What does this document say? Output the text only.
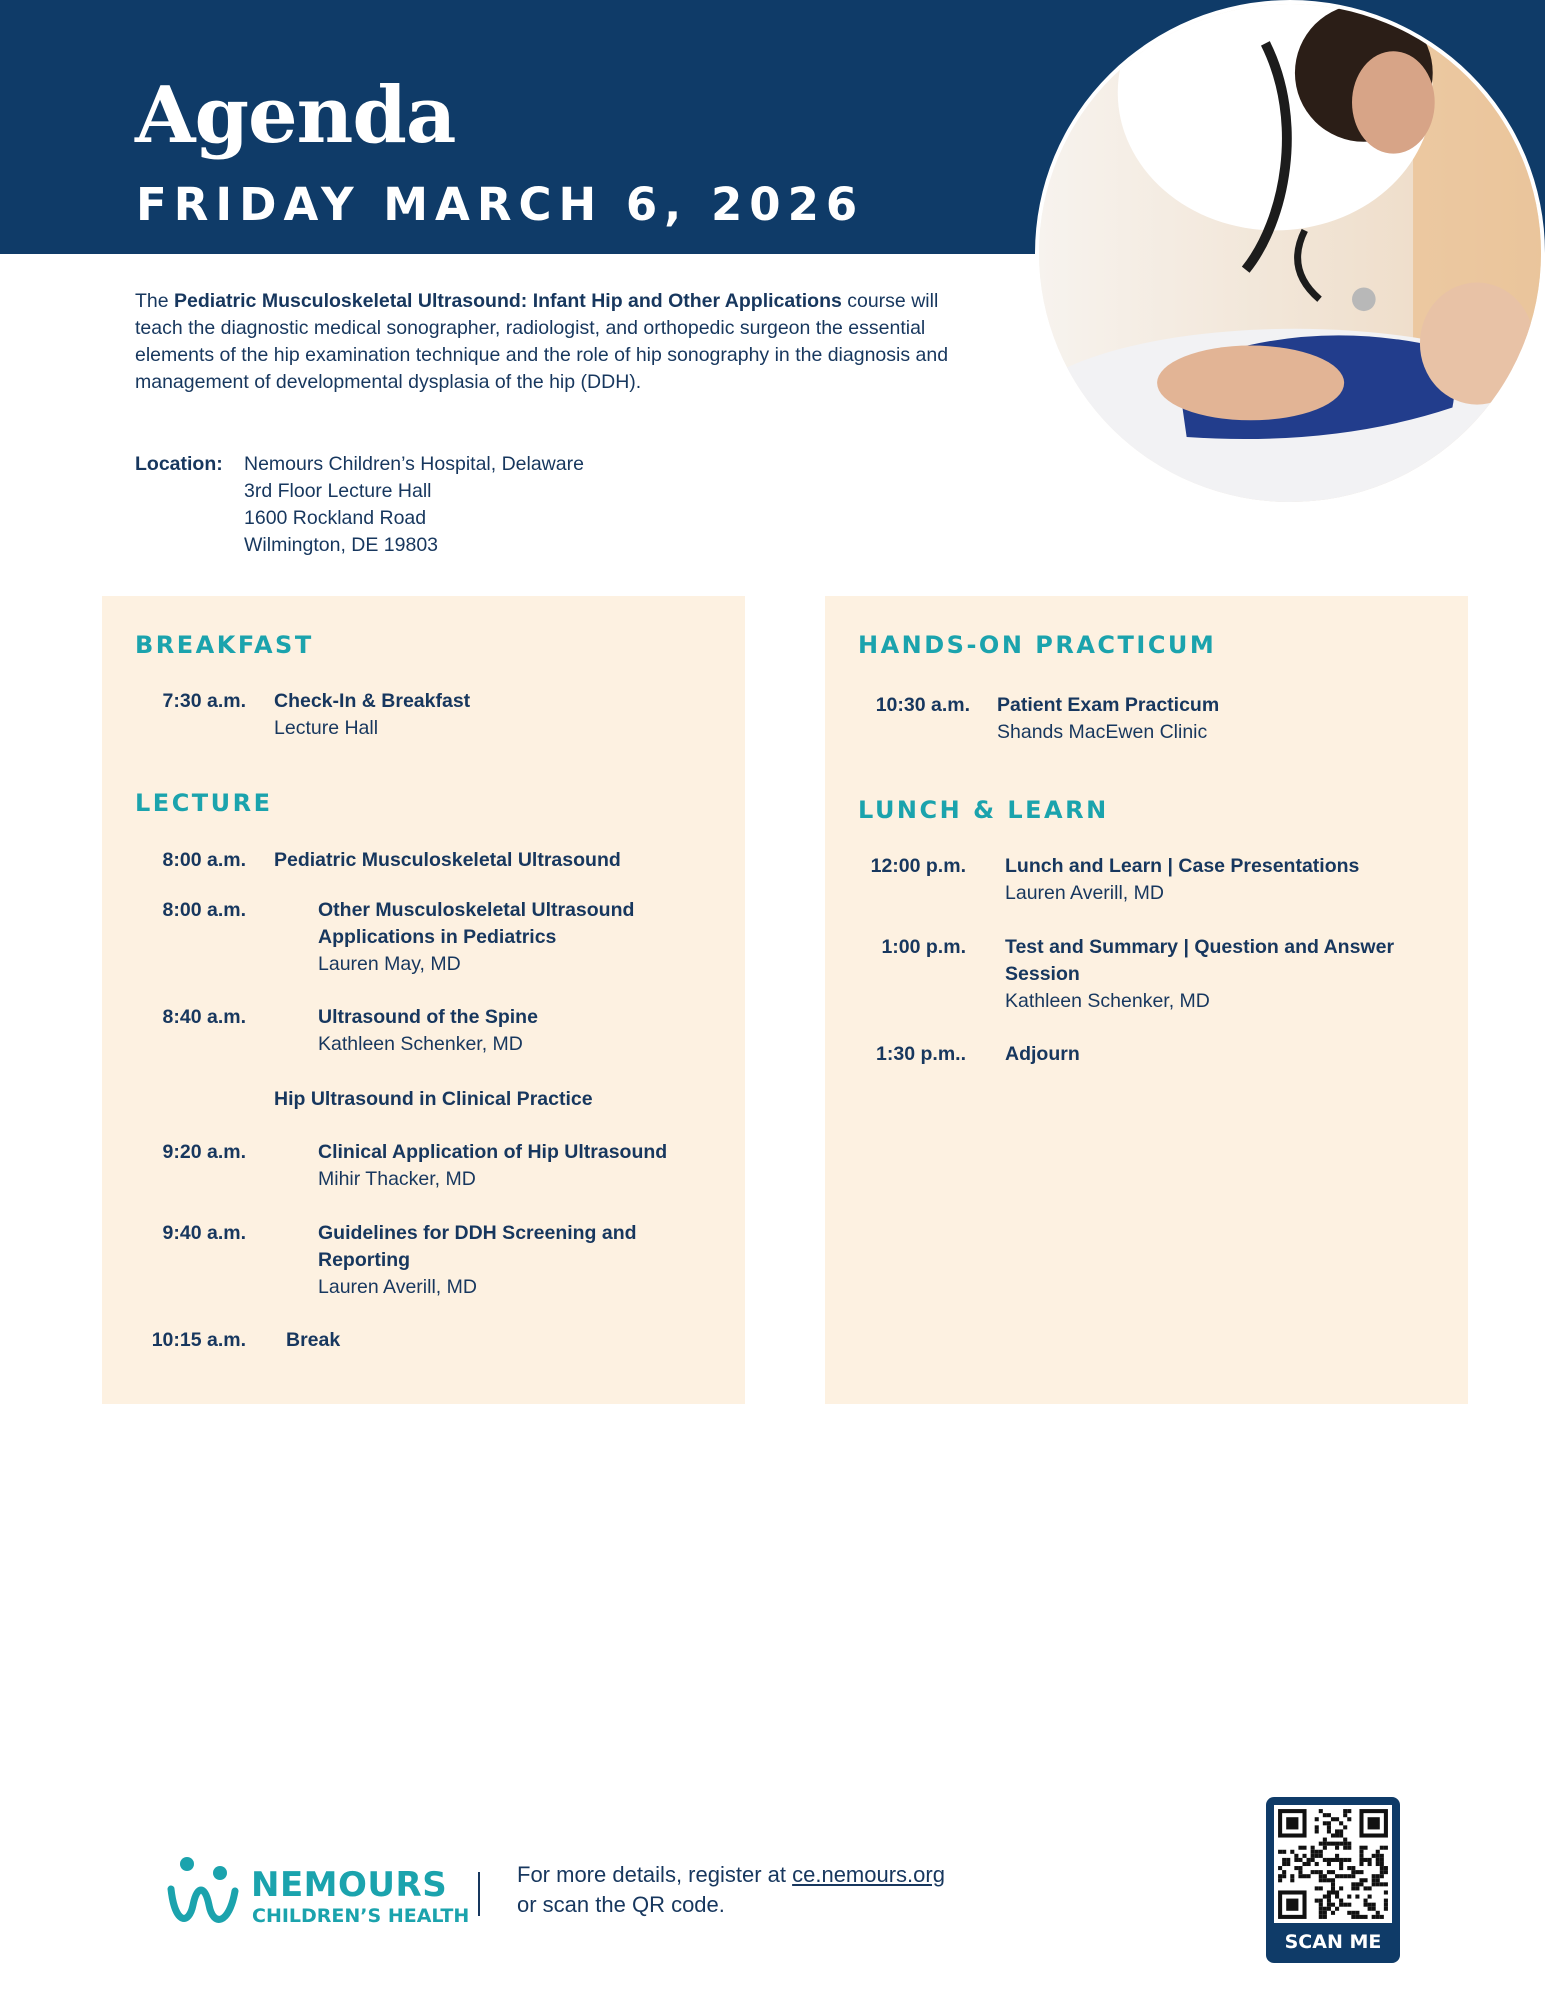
Agenda
FRIDAY MARCH 6, 2026

The Pediatric Musculoskeletal Ultrasound: Infant Hip and Other Applications course will teach the diagnostic medical sonographer, radiologist, and orthopedic surgeon the essential elements of the hip examination technique and the role of hip sonography in the diagnosis and management of developmental dysplasia of the hip (DDH).

Location:	Nemours Children’s Hospital, Delaware
3rd Floor Lecture Hall
1600 Rockland Road
Wilmington, DE 19803
BREAKFAST
7:30 a.m. Check-In & Breakfast
Lecture Hall
LECTURE
8:00 a.m. Pediatric Musculoskeletal Ultrasound
8:00 a.m.	Other Musculoskeletal Ultrasound Applications in Pediatrics
Lauren May, MD
8:40 a.m.	Ultrasound of the Spine
Kathleen Schenker, MD
Hip Ultrasound in Clinical Practice
9:20 a.m.	Clinical Application of Hip Ultrasound
Mihir Thacker, MD
9:40 a.m.	Guidelines for DDH Screening and Reporting
Lauren Averill, MD
10:15 a.m. Break
HANDS-ON PRACTICUM
10:30 a.m. Patient Exam Practicum
Shands MacEwen Clinic
LUNCH & LEARN
12:00 p.m. Lunch and Learn | Case Presentations
Lauren Averill, MD
1:00 p.m. Test and Summary | Question and Answer Session
Kathleen Schenker, MD
1:30 p.m.. Adjourn
NEMOURS
CHILDREN’S HEALTH
For more details, register at ce.nemours.org
or scan the QR code.
SCAN ME
